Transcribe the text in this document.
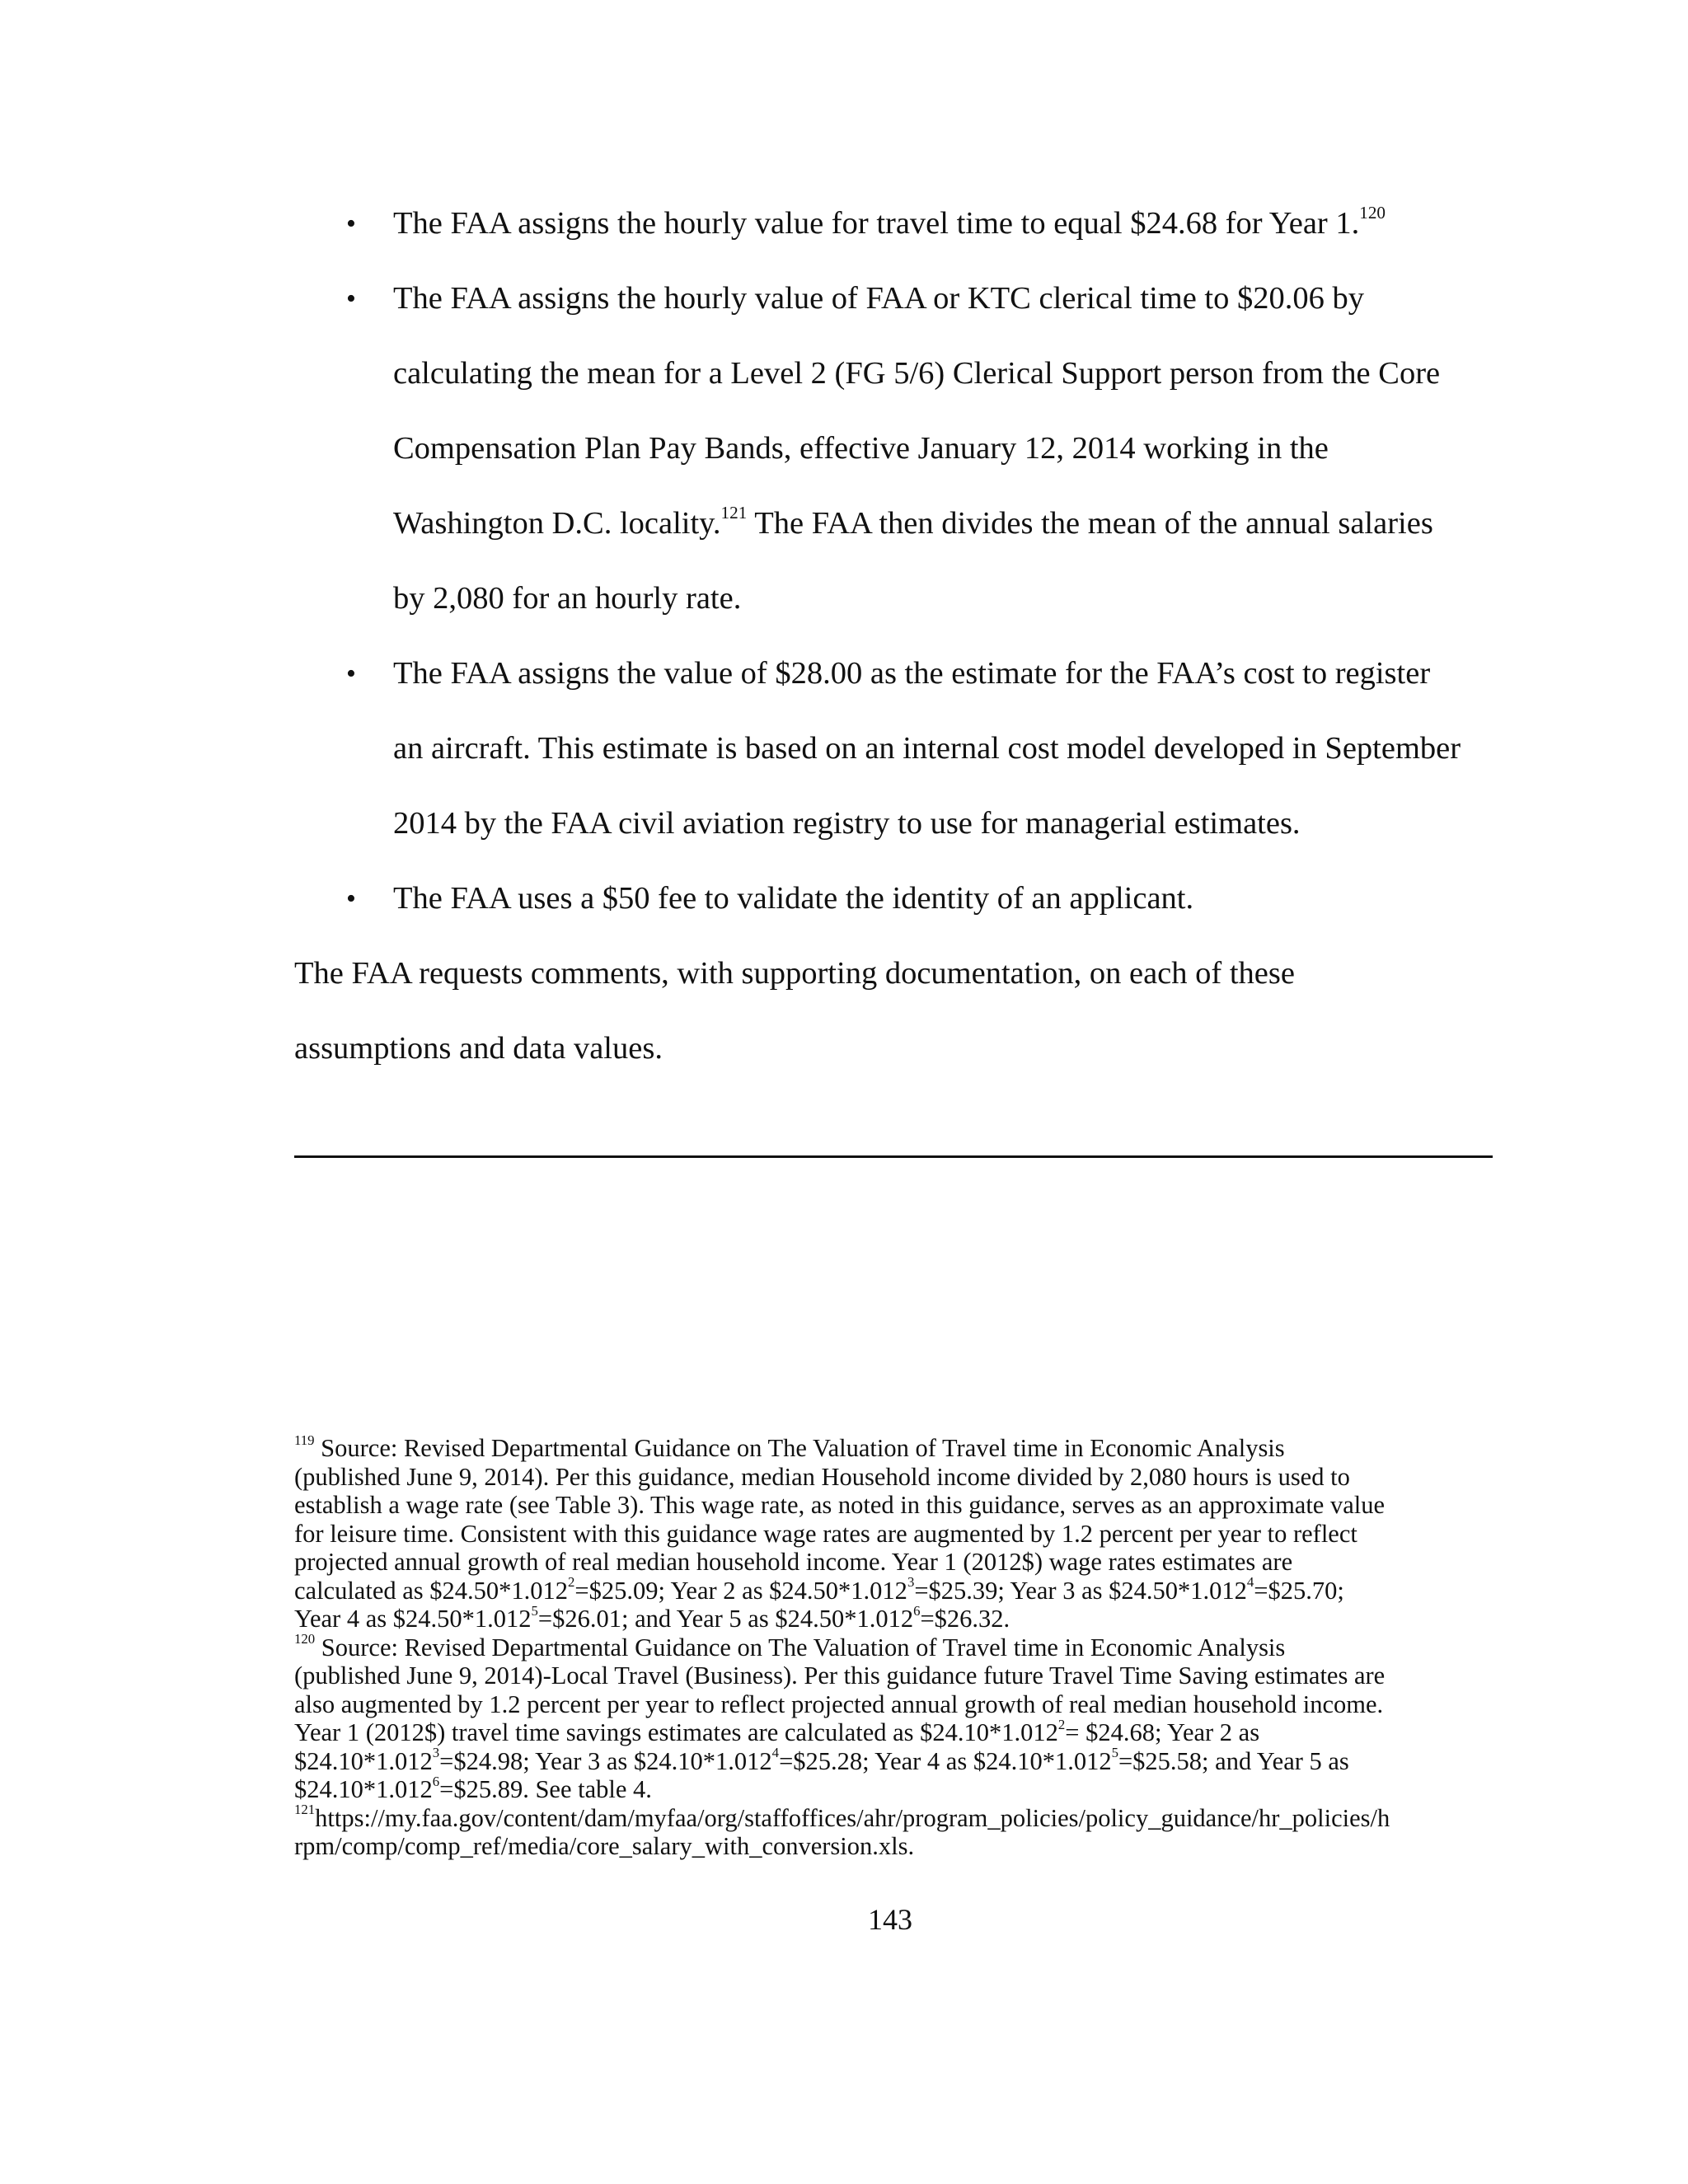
• The FAA assigns the hourly value for travel time to equal $24.68 for Year 1.$^{120}$

• The FAA assigns the hourly value of FAA or KTC clerical time to $20.06 by

calculating the mean for a Level 2 (FG 5/6) Clerical Support person from the Core

Compensation Plan Pay Bands, effective January 12, 2014 working in the

Washington D.C. locality.$^{121}$ The FAA then divides the mean of the annual salaries

by 2,080 for an hourly rate.

• The FAA assigns the value of $28.00 as the estimate for the FAA’s cost to register

an aircraft. This estimate is based on an internal cost model developed in September

2014 by the FAA civil aviation registry to use for managerial estimates.

• The FAA uses a $50 fee to validate the identity of an applicant.

The FAA requests comments, with supporting documentation, on each of these

assumptions and data values.

$^{119}$ Source: Revised Departmental Guidance on The Valuation of Travel time in Economic Analysis
(published June 9, 2014). Per this guidance, median Household income divided by 2,080 hours is used to
establish a wage rate (see Table 3). This wage rate, as noted in this guidance, serves as an approximate value
for leisure time. Consistent with this guidance wage rates are augmented by 1.2 percent per year to reflect
projected annual growth of real median household income. Year 1 (2012$) wage rates estimates are
calculated as $\$24.50*1.012^2=\$25.09$; Year 2 as $\$24.50*1.012^3=\$25.39$; Year 3 as $\$24.50*1.012^4=\$25.70$;
Year 4 as $\$24.50*1.012^5=\$26.01$; and Year 5 as $\$24.50*1.012^6=\$26.32$.
$^{120}$ Source: Revised Departmental Guidance on The Valuation of Travel time in Economic Analysis
(published June 9, 2014)-Local Travel (Business). Per this guidance future Travel Time Saving estimates are
also augmented by 1.2 percent per year to reflect projected annual growth of real median household income.
Year 1 (2012$) travel time savings estimates are calculated as $\$24.10*1.012^2=$ $24.68; Year 2 as
$\$24.10*1.012^3=\$24.98$; Year 3 as $\$24.10*1.012^4=\$25.28$; Year 4 as $\$24.10*1.012^5=\$25.58$; and Year 5 as
$\$24.10*1.012^6=\$25.89$. See table 4.
$^{121}$https://my.faa.gov/content/dam/myfaa/org/staffoffices/ahr/program_policies/policy_guidance/hr_policies/h
rpm/comp/comp_ref/media/core_salary_with_conversion.xls.
143
